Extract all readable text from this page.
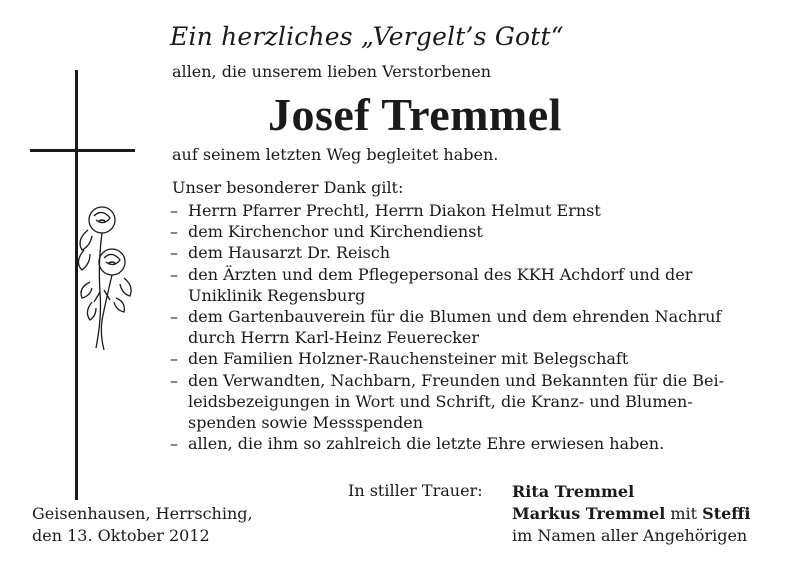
Ein herzliches „Vergelt’s Gott“
allen, die unserem lieben Verstorbenen
Josef Tremmel
auf seinem letzten Weg begleitet haben.
Unser besonderer Dank gilt:
– Herrn Pfarrer Prechtl, Herrn Diakon Helmut Ernst
– dem Kirchenchor und Kirchendienst
– dem Hausarzt Dr. Reisch
– den Ärzten und dem Pflegepersonal des KKH Achdorf und der
Uniklinik Regensburg
– dem Gartenbauverein für die Blumen und dem ehrenden Nachruf
durch Herrn Karl-Heinz Feuerecker
– den Familien Holzner-Rauchensteiner mit Belegschaft
– den Verwandten, Nachbarn, Freunden und Bekannten für die Bei-
leidsbezeigungen in Wort und Schrift, die Kranz- und Blumen-
spenden sowie Messspenden
– allen, die ihm so zahlreich die letzte Ehre erwiesen haben.
In stiller Trauer: Rita Tremmel
Markus Tremmel mit Steffi
im Namen aller Angehörigen
Geisenhausen, Herrsching,
den 13. Oktober 2012
